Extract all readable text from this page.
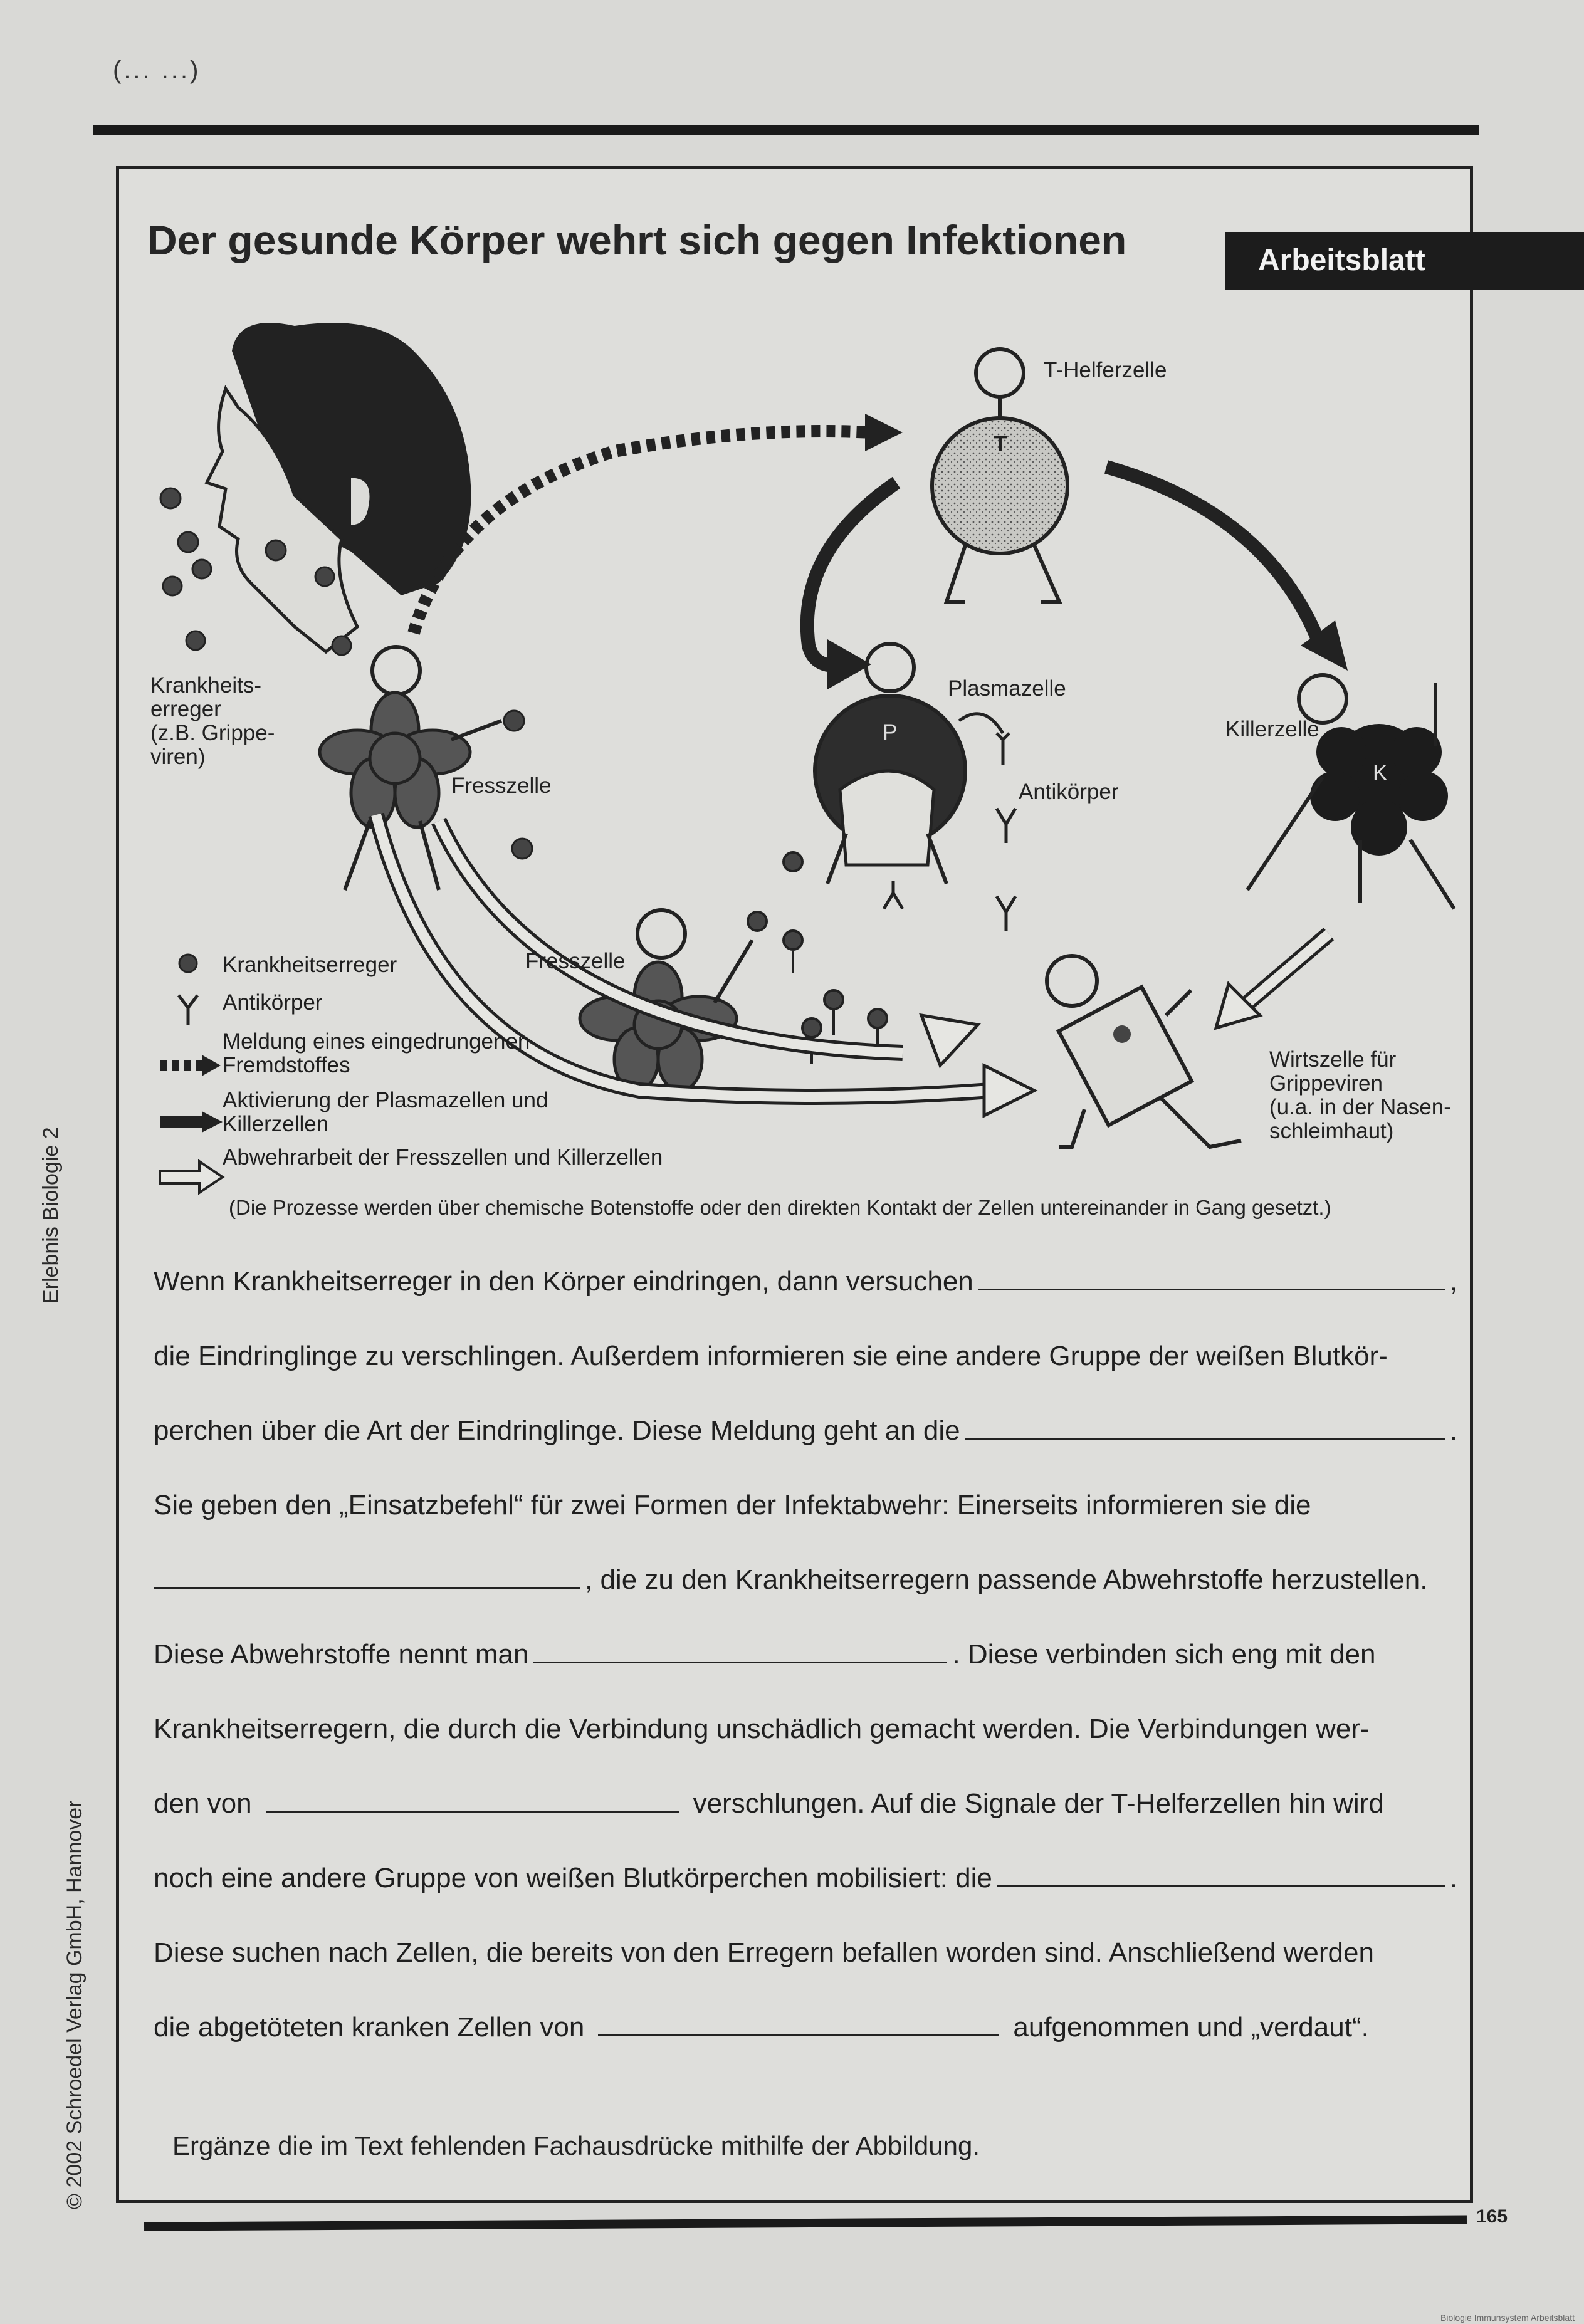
(... ...)
Der gesunde Körper wehrt sich gegen Infektionen	Arbeitsblatt
T-Helferzelle
T
Krankheits-
erreger
(z.B. Grippe-
viren)
Fresszelle
Fresszelle
Plasmazelle
P
Antikörper
Killerzelle
K
Wirtszelle für
Grippeviren
(u.a. in der Nasen-
schleimhaut)
Krankheitserreger
Antikörper
Meldung eines eingedrungenen
Fremdstoffes
Aktivierung der Plasmazellen und
Killerzellen
Abwehrarbeit der Fresszellen und Killerzellen
(Die Prozesse werden über chemische Botenstoffe oder den direkten Kontakt der Zellen untereinander in Gang gesetzt.)
Wenn Krankheitserreger in den Körper eindringen, dann versuchen	,
die Eindringlinge zu verschlingen. Außerdem informieren sie eine andere Gruppe der weißen Blutkör-
perchen über die Art der Eindringlinge. Diese Meldung geht an die	.
Sie geben den „Einsatzbefehl“ für zwei Formen der Infektabwehr: Einerseits informieren sie die
, die zu den Krankheitserregern passende Abwehrstoffe herzustellen.
Diese Abwehrstoffe nennt man	. Diese verbinden sich eng mit den
Krankheitserregern, die durch die Verbindung unschädlich gemacht werden. Die Verbindungen wer-
den von	verschlungen. Auf die Signale der T-Helferzellen hin wird
noch eine andere Gruppe von weißen Blutkörperchen mobilisiert: die	.
Diese suchen nach Zellen, die bereits von den Erregern befallen worden sind. Anschließend werden
die abgetöteten kranken Zellen von	aufgenommen und „verdaut“.
Ergänze die im Text fehlenden Fachausdrücke mithilfe der Abbildung.
Erlebnis Biologie 2
© 2002 Schroedel Verlag GmbH, Hannover
165
Biologie Immunsystem Arbeitsblatt
